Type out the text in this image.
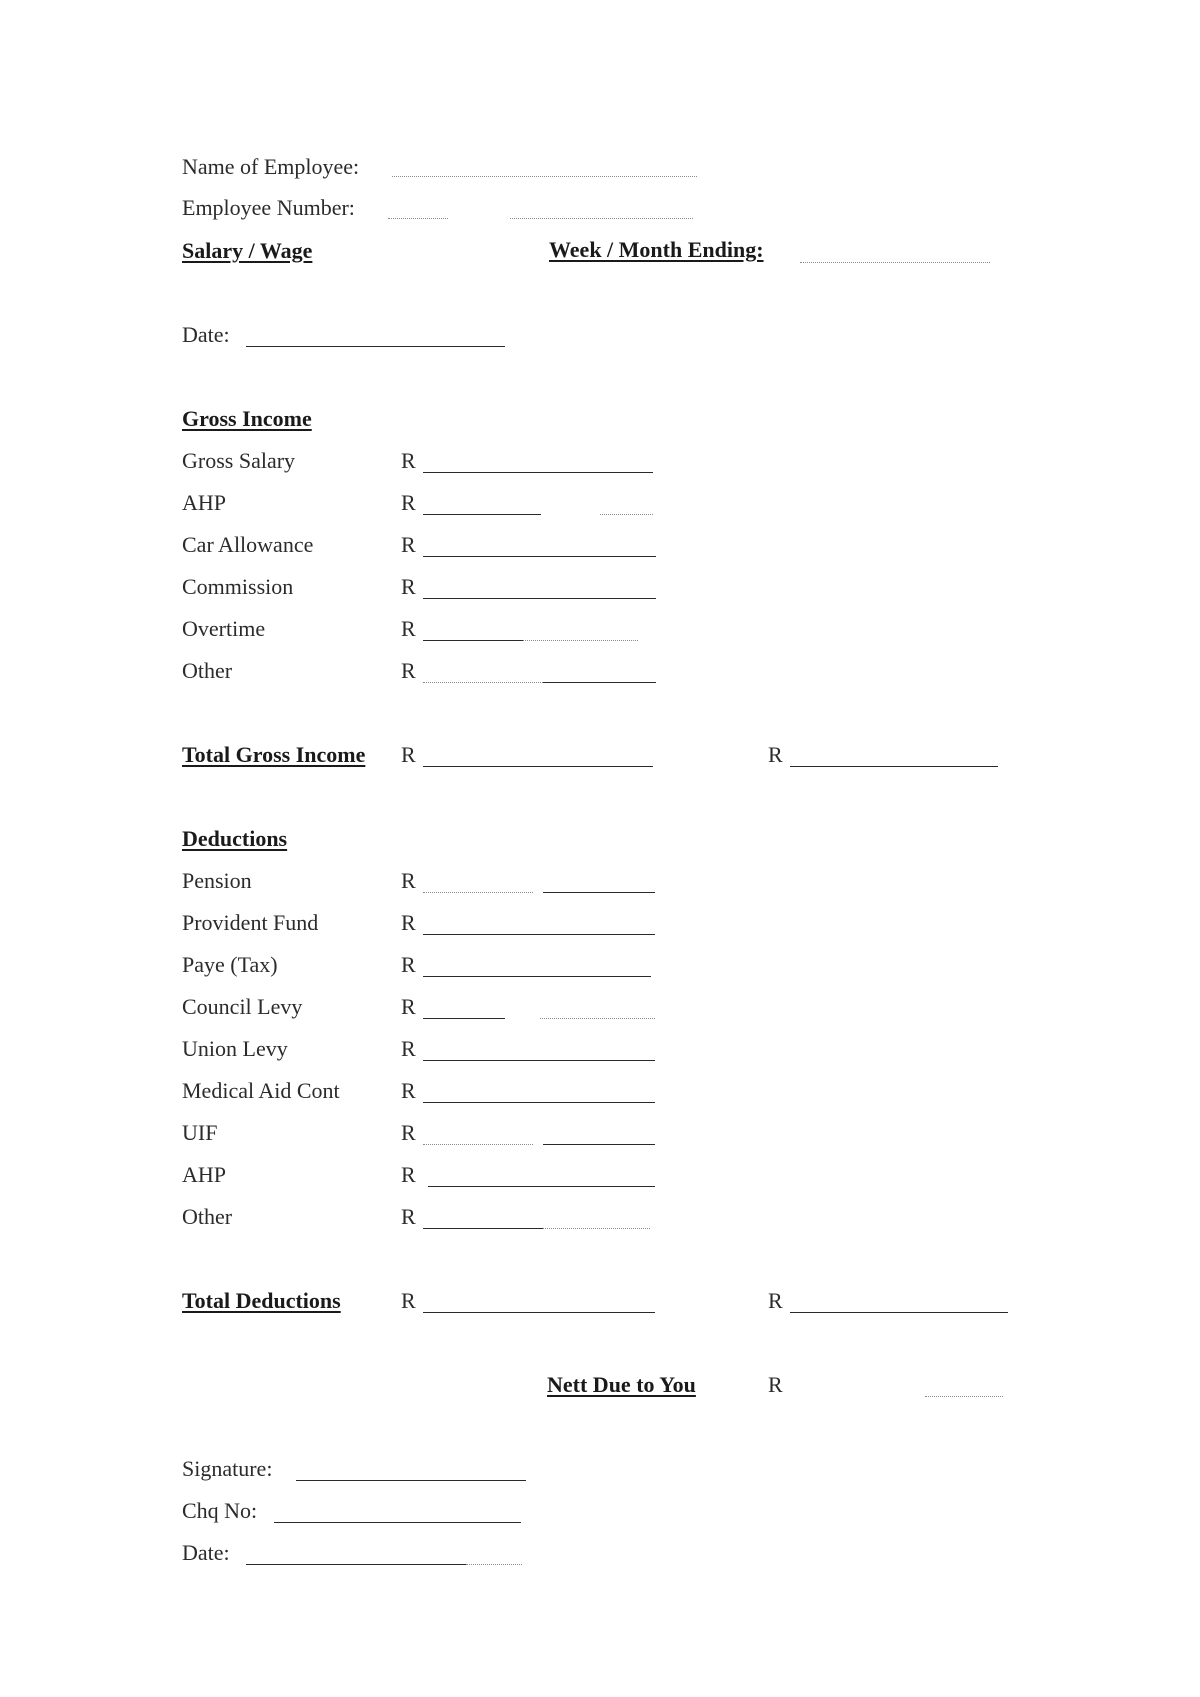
Name of Employee:
Employee Number:
Salary / Wage	Week / Month Ending:
Date:
Gross Income
Gross Salary	R
AHP	R
Car Allowance	R
Commission	R
Overtime	R
Other	R
Total Gross Income R	R
Deductions
Pension	R
Provident Fund	R
Paye (Tax)	R
Council Levy	R
Union Levy	R
Medical Aid Cont	R
UIF	R
AHP	R
Other	R
Total Deductions	R	R
Nett Due to You	R
Signature:
Chq No:
Date:
